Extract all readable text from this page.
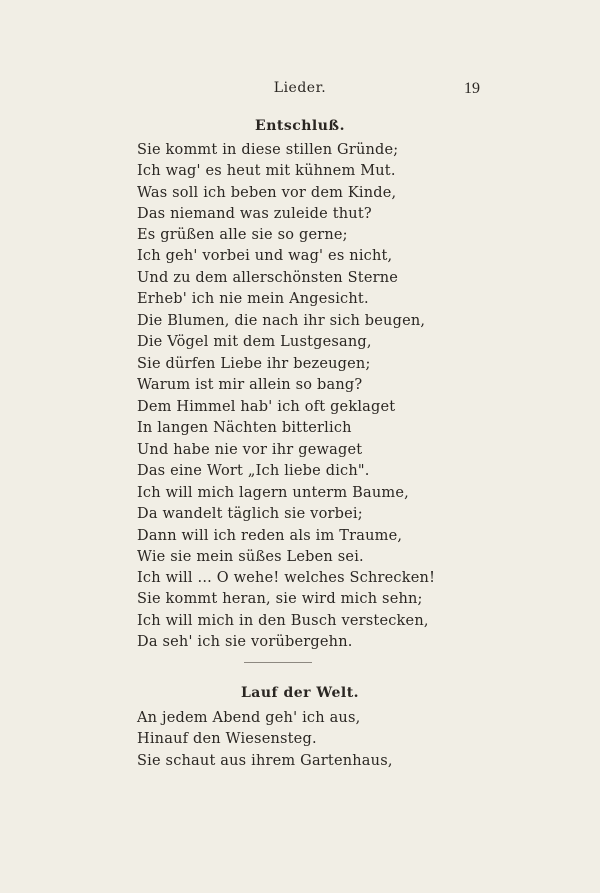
Lieder.	19
Entschluß.
Sie kommt in diese stillen Gründe;
Ich wag' es heut mit kühnem Mut.
Was soll ich beben vor dem Kinde,
Das niemand was zuleide thut?
Es grüßen alle sie so gerne;
Ich geh' vorbei und wag' es nicht,
Und zu dem allerschönsten Sterne
Erheb' ich nie mein Angesicht.
Die Blumen, die nach ihr sich beugen,
Die Vögel mit dem Lustgesang,
Sie dürfen Liebe ihr bezeugen;
Warum ist mir allein so bang?
Dem Himmel hab' ich oft geklaget
In langen Nächten bitterlich
Und habe nie vor ihr gewaget
Das eine Wort „Ich liebe dich".
Ich will mich lagern unterm Baume,
Da wandelt täglich sie vorbei;
Dann will ich reden als im Traume,
Wie sie mein süßes Leben sei.
Ich will ... O wehe! welches Schrecken!
Sie kommt heran, sie wird mich sehn;
Ich will mich in den Busch verstecken,
Da seh' ich sie vorübergehn.
Lauf der Welt.
An jedem Abend geh' ich aus,
Hinauf den Wiesensteg.
Sie schaut aus ihrem Gartenhaus,
